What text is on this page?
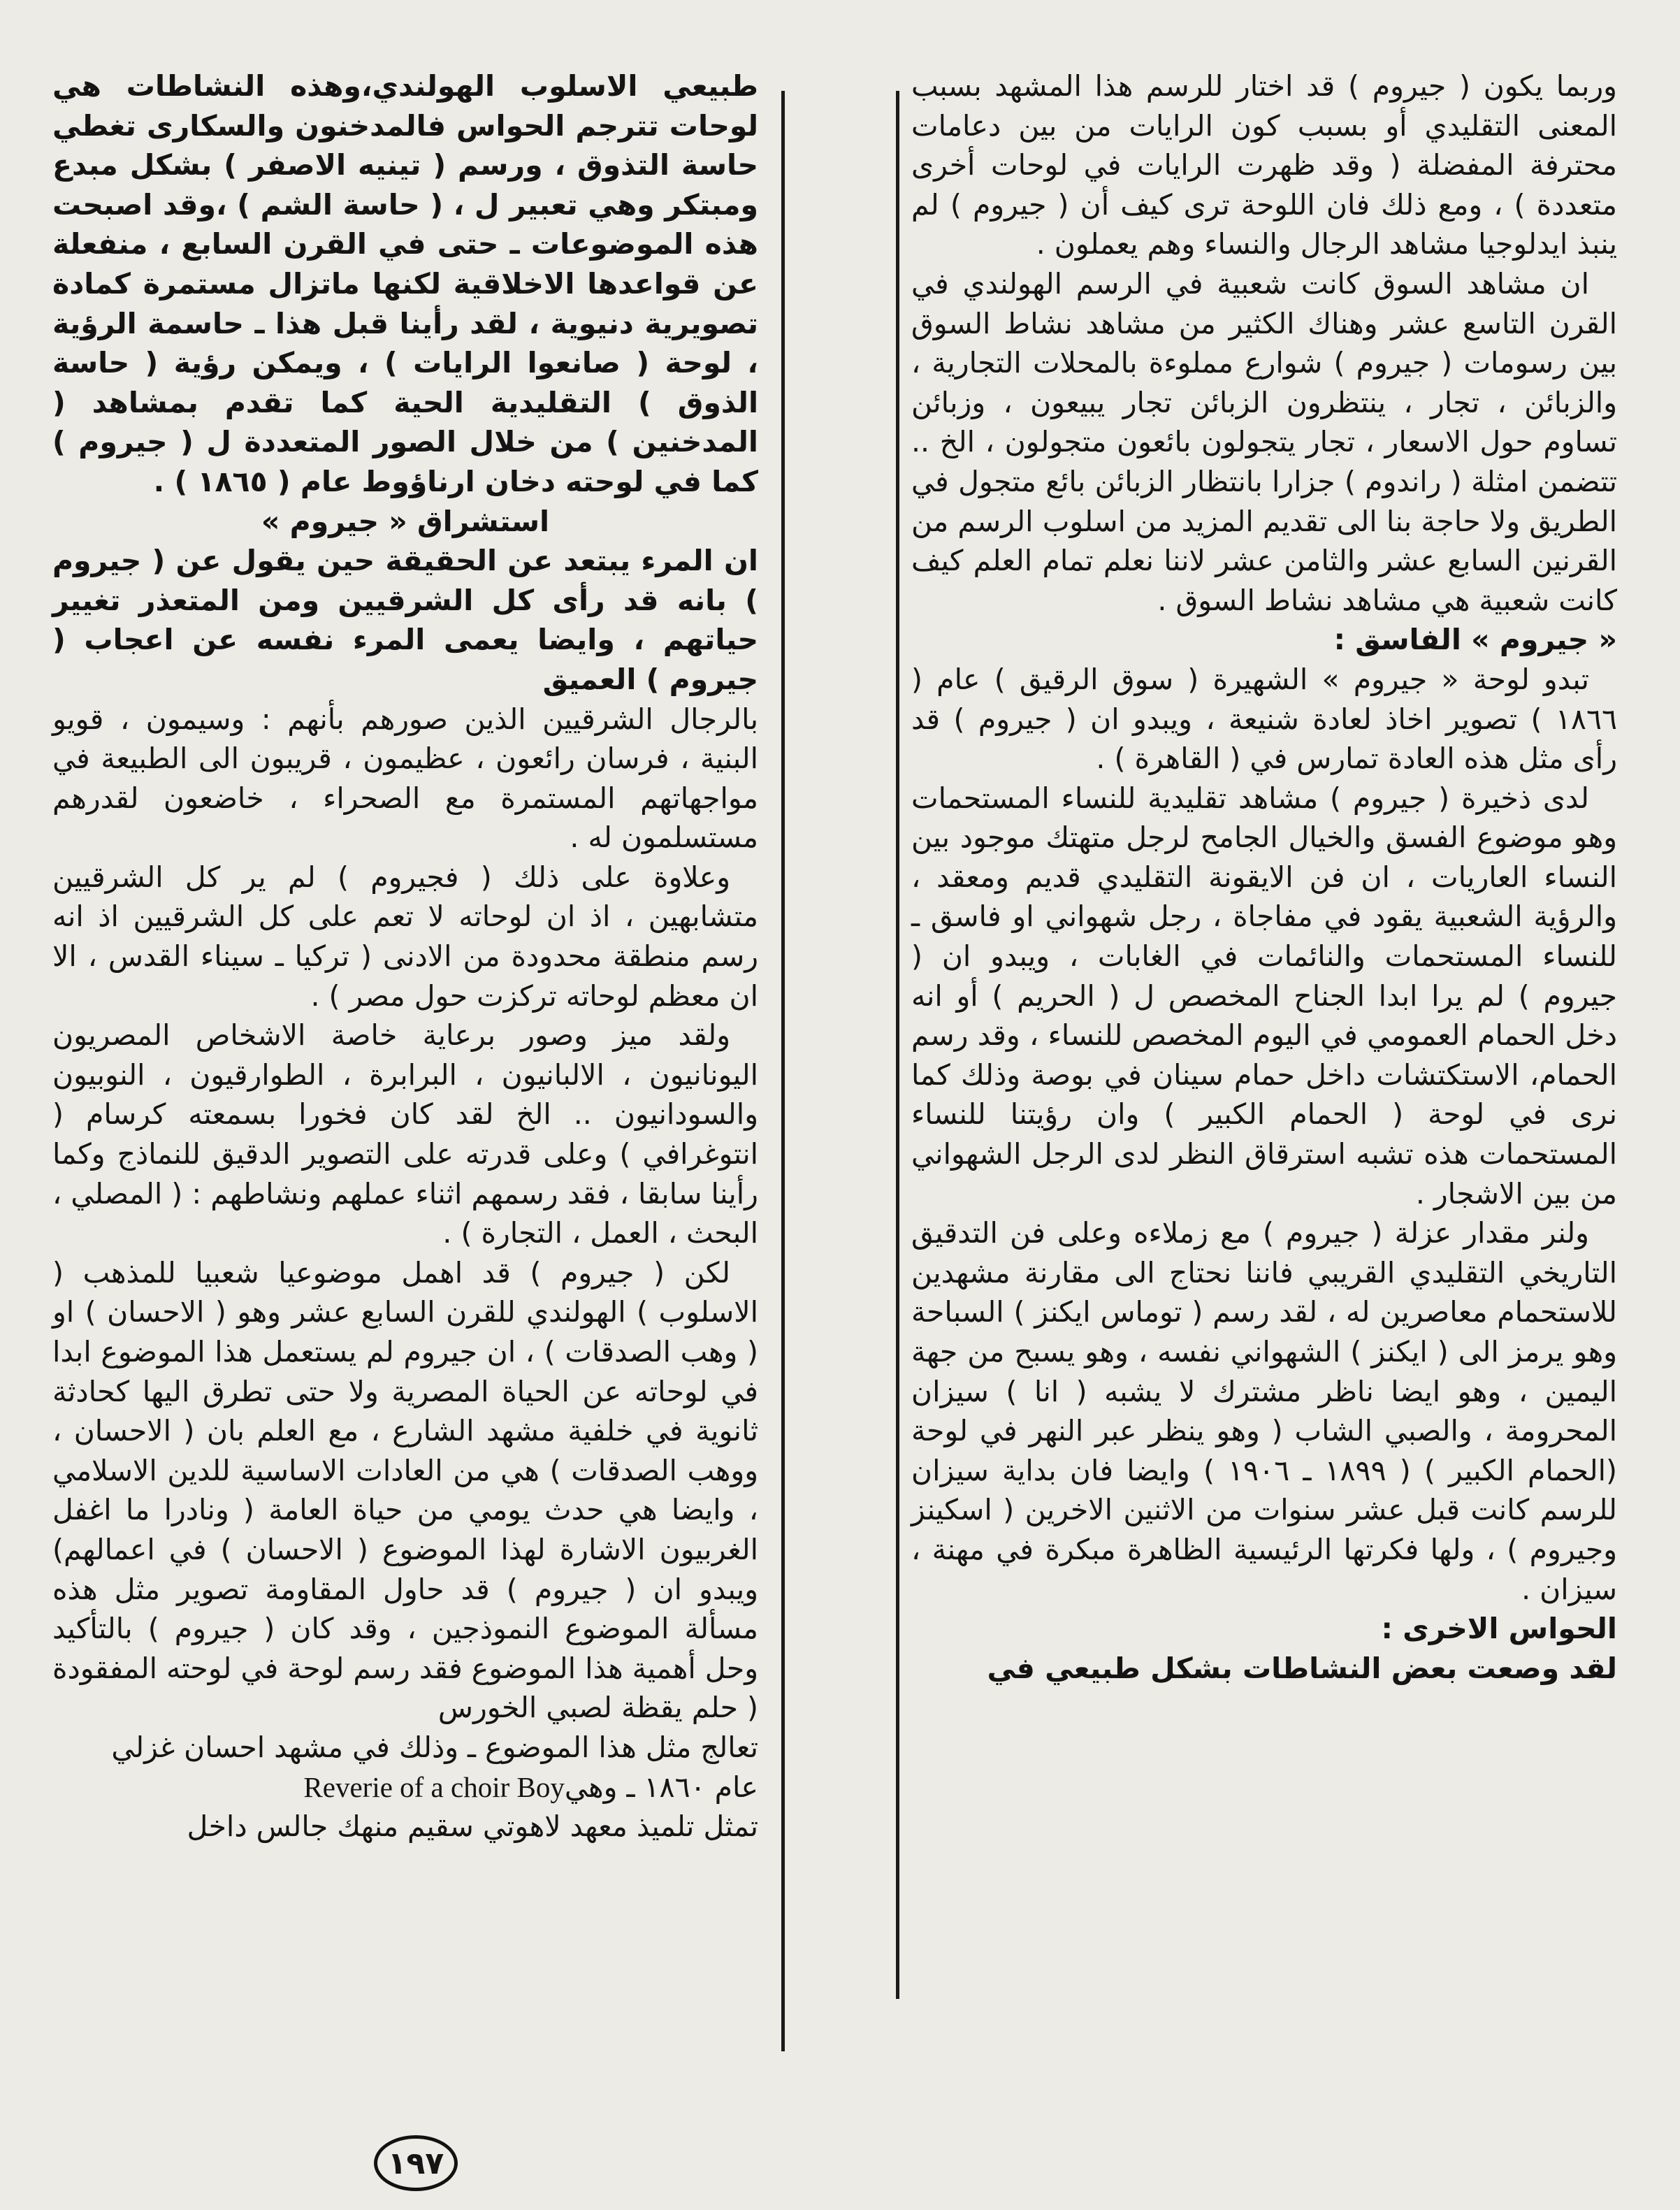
وربما يكون ( جيروم ) قد اختار للرسم هذا المشهد بسبب المعنى التقليدي أو بسبب كون الرايات من بين دعامات محترفة المفضلة ( وقد ظهرت الرايات في لوحات أخرى متعددة ) ، ومع ذلك فان اللوحة ترى كيف أن ( جيروم ) لم ينبذ ايدلوجيا مشاهد الرجال والنساء وهم يعملون .

ان مشاهد السوق كانت شعبية في الرسم الهولندي في القرن التاسع عشر وهناك الكثير من مشاهد نشاط السوق بين رسومات ( جيروم ) شوارع مملوءة بالمحلات التجارية ، والزبائن ، تجار ، ينتظرون الزبائن تجار يبيعون ، وزبائن تساوم حول الاسعار ، تجار يتجولون بائعون متجولون ، الخ .. تتضمن امثلة ( راندوم ) جزارا بانتظار الزبائن بائع متجول في الطريق ولا حاجة بنا الى تقديم المزيد من اسلوب الرسم من القرنين السابع عشر والثامن عشر لاننا نعلم تمام العلم كيف كانت شعبية هي مشاهد نشاط السوق .

« جيروم » الفاسق :

تبدو لوحة « جيروم » الشهيرة ( سوق الرقيق ) عام ( ١٨٦٦ ) تصوير اخاذ لعادة شنيعة ، ويبدو ان ( جيروم ) قد رأى مثل هذه العادة تمارس في ( القاهرة ) .

لدى ذخيرة ( جيروم ) مشاهد تقليدية للنساء المستحمات وهو موضوع الفسق والخيال الجامح لرجل متهتك موجود بين النساء العاريات ، ان فن الايقونة التقليدي قديم ومعقد ، والرؤية الشعبية يقود في مفاجاة ، رجل شهواني او فاسق ـ للنساء المستحمات والنائمات في الغابات ، ويبدو ان ( جيروم ) لم يرا ابدا الجناح المخصص ل ( الحريم ) أو انه دخل الحمام العمومي في اليوم المخصص للنساء ، وقد رسم الحمام، الاستكتشات داخل حمام سينان في بوصة وذلك كما نرى في لوحة ( الحمام الكبير ) وان رؤيتنا للنساء المستحمات هذه تشبه استرقاق النظر لدى الرجل الشهواني من بين الاشجار .

ولنر مقدار عزلة ( جيروم ) مع زملاءه وعلى فن التدقيق التاريخي التقليدي القريبي فاننا نحتاج الى مقارنة مشهدين للاستحمام معاصرين له ، لقد رسم ( توماس ايكنز ) السباحة وهو يرمز الى ( ايكنز ) الشهواني نفسه ، وهو يسبح من جهة اليمين ، وهو ايضا ناظر مشترك لا يشبه ( انا ) سيزان المحرومة ، والصبي الشاب ( وهو ينظر عبر النهر في لوحة (الحمام الكبير ) ( ١٨٩٩ ـ ١٩٠٦ ) وايضا فان بداية سيزان للرسم كانت قبل عشر سنوات من الاثنين الاخرين ( اسكينز وجيروم ) ، ولها فكرتها الرئيسية الظاهرة مبكرة في مهنة ، سيزان .

الحواس الاخرى :

لقد وصعت بعض النشاطات بشكل طبيعي في

طبيعي الاسلوب الهولندي،وهذه النشاطات هي لوحات تترجم الحواس فالمدخنون والسكارى تغطي حاسة التذوق ، ورسم ( تينيه الاصفر ) بشكل مبدع ومبتكر وهي تعبير ل ، ( حاسة الشم ) ،وقد اصبحت هذه الموضوعات ـ حتى في القرن السابع ، منفعلة عن قواعدها الاخلاقية لكنها ماتزال مستمرة كمادة تصويرية دنيوية ، لقد رأينا قبل هذا ـ حاسمة الرؤية ، لوحة ( صانعوا الرايات ) ، ويمكن رؤية ( حاسة الذوق ) التقليدية الحية كما تقدم بمشاهد ( المدخنين ) من خلال الصور المتعددة ل ( جيروم ) كما في لوحته دخان ارناؤوط عام ( ١٨٦٥ ) .

استشراق « جيروم »

ان المرء يبتعد عن الحقيقة حين يقول عن ( جيروم ) بانه قد رأى كل الشرقيين ومن المتعذر تغيير حياتهم ، وايضا يعمى المرء نفسه عن اعجاب ( جيروم ) العميق

بالرجال الشرقيين الذين صورهم بأنهم : وسيمون ، قويو البنية ، فرسان رائعون ، عظيمون ، قريبون الى الطبيعة في مواجهاتهم المستمرة مع الصحراء ، خاضعون لقدرهم مستسلمون له .

وعلاوة على ذلك ( فجيروم ) لم ير كل الشرقيين متشابهين ، اذ ان لوحاته لا تعم على كل الشرقيين اذ انه رسم منطقة محدودة من الادنى ( تركيا ـ سيناء القدس ، الا ان معظم لوحاته تركزت حول مصر ) .

ولقد ميز وصور برعاية خاصة الاشخاص المصريون اليونانيون ، الالبانيون ، البرابرة ، الطوارقيون ، النوبيون والسودانيون .. الخ لقد كان فخورا بسمعته كرسام ( انتوغرافي ) وعلى قدرته على التصوير الدقيق للنماذج وكما رأينا سابقا ، فقد رسمهم اثناء عملهم ونشاطهم : ( المصلي ، البحث ، العمل ، التجارة ) .

لكن ( جيروم ) قد اهمل موضوعيا شعبيا للمذهب ( الاسلوب ) الهولندي للقرن السابع عشر وهو ( الاحسان ) او ( وهب الصدقات ) ، ان جيروم لم يستعمل هذا الموضوع ابدا في لوحاته عن الحياة المصرية ولا حتى تطرق اليها كحادثة ثانوية في خلفية مشهد الشارع ، مع العلم بان ( الاحسان ، ووهب الصدقات ) هي من العادات الاساسية للدين الاسلامي ، وايضا هي حدث يومي من حياة العامة ( ونادرا ما اغفل الغربيون الاشارة لهذا الموضوع ( الاحسان ) في اعمالهم) ويبدو ان ( جيروم ) قد حاول المقاومة تصوير مثل هذه مسألة الموضوع النموذجين ، وقد كان ( جيروم ) بالتأكيد وحل أهمية هذا الموضوع فقد رسم لوحة في لوحته المفقودة ( حلم يقظة لصبي الخورس

تعالج مثل هذا الموضوع ـ وذلك في مشهد احسان غزلي

عام ١٨٦٠ ـ وهيReverie of a choir Boy

تمثل تلميذ معهد لاهوتي سقيم منهك جالس داخل

١٩٧
